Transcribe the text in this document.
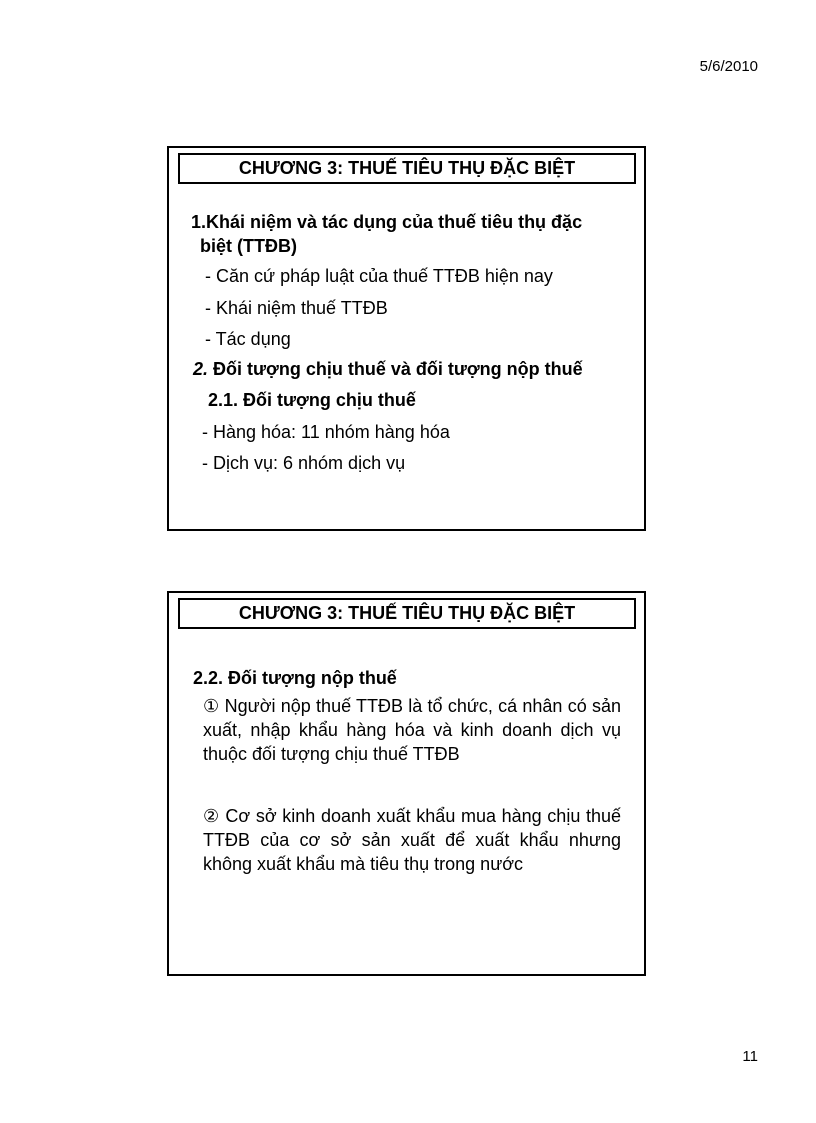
5/6/2010
CHƯƠNG 3: THUẾ TIÊU THỤ ĐẶC BIỆT
1.Khái niệm và tác dụng của thuế tiêu thụ đặc
biệt (TTĐB)
- Căn cứ pháp luật của thuế TTĐB hiện nay
- Khái niệm thuế TTĐB
- Tác dụng
2. Đối tượng chịu thuế và đối tượng nộp thuế
2.1. Đối tượng chịu thuế
- Hàng hóa: 11 nhóm hàng hóa
- Dịch vụ: 6 nhóm dịch vụ
CHƯƠNG 3: THUẾ TIÊU THỤ ĐẶC BIỆT
2.2. Đối tượng nộp thuế
① Người nộp thuế TTĐB là tổ chức, cá nhân có sản xuất, nhập khẩu hàng hóa và kinh doanh dịch vụ thuộc đối tượng chịu thuế TTĐB
② Cơ sở kinh doanh xuất khẩu mua hàng chịu thuế TTĐB của cơ sở sản xuất để xuất khẩu nhưng không xuất khẩu mà tiêu thụ trong nước
11
